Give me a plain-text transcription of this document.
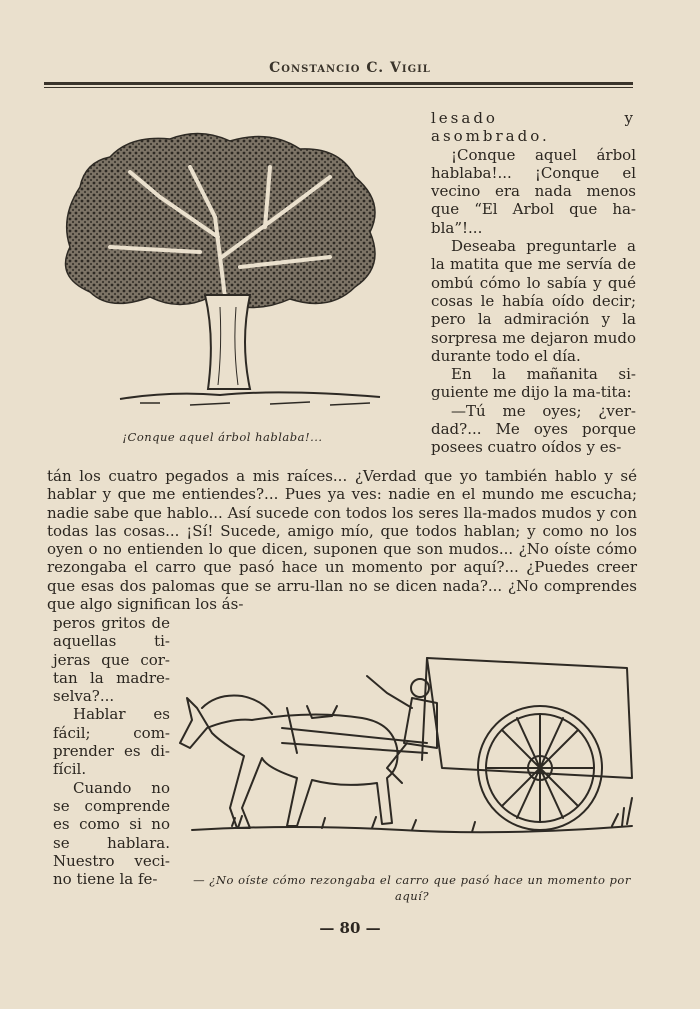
Constancio C. Vigil
¡Conque aquel árbol hablaba!...

lesado y asombrado.

¡Conque aquel árbol hablaba!... ¡Conque el vecino era nada menos que “El Arbol que ha-bla”!...

Deseaba preguntarle a la matita que me servía de ombú cómo lo sabía y qué cosas le había oído decir; pero la admiración y la sorpresa me dejaron mudo durante todo el día.

En la mañanita si-guiente me dijo la ma-tita:

—Tú me oyes; ¿ver-dad?... Me oyes porque posees cuatro oídos y es-

tán los cuatro pegados a mis raíces... ¿Verdad que yo también hablo y sé hablar y que me entiendes?... Pues ya ves: nadie en el mundo me escucha; nadie sabe que hablo... Así sucede con todos los seres lla-mados mudos y con todas las cosas... ¡Sí! Sucede, amigo mío, que todos hablan; y como no los oyen o no entienden lo que dicen, suponen que son mudos... ¿No oíste cómo rezongaba el carro que pasó hace un momento por aquí?... ¿Puedes creer que esas dos palomas que se arru-llan no se dicen nada?... ¿No comprendes que algo significan los ás-

peros gritos de aquellas ti-jeras que cor-tan la madre-selva?...

Hablar es fácil; com-prender es di-fícil.

Cuando no se comprende es como si no se hablara. Nuestro veci-no tiene la fe-	— ¿No oíste cómo rezongaba el carro que pasó hace un momento por aquí?
— 80 —
